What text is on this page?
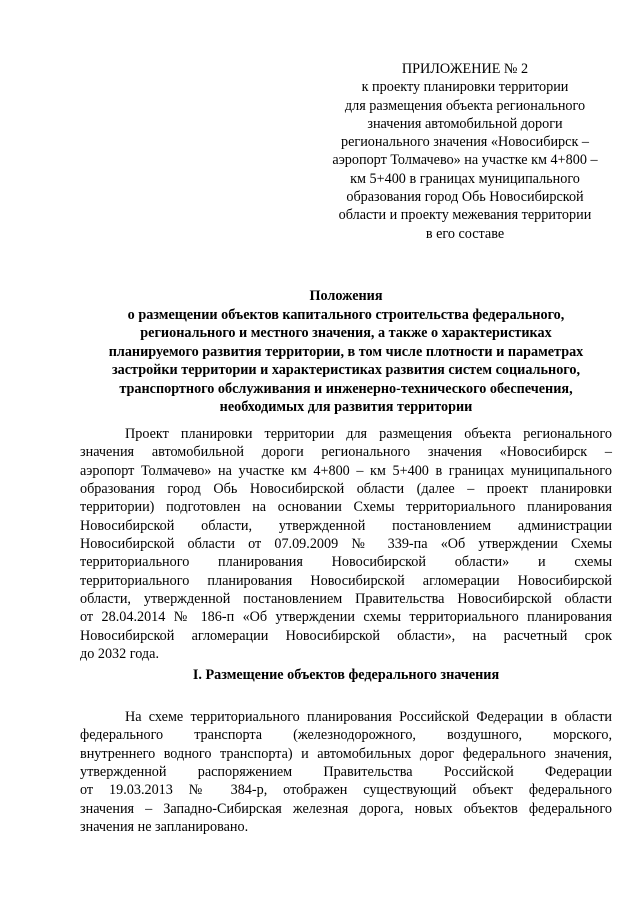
ПРИЛОЖЕНИЕ № 2
к проекту планировки территории
для размещения объекта регионального
значения автомобильной дороги
регионального значения «Новосибирск –
аэропорт Толмачево» на участке км 4+800 –
км 5+400 в границах муниципального
образования город Обь Новосибирской
области и проекту межевания территории
в его составе
Положения
о размещении объектов капитального строительства федерального,
регионального и местного значения, а также о характеристиках
планируемого развития территории, в том числе плотности и параметрах
застройки территории и характеристиках развития систем социального,
транспортного обслуживания и инженерно-технического обеспечения,
необходимых для развития территории
Проект планировки территории для размещения объекта регионального
значения автомобильной дороги регионального значения «Новосибирск –
аэропорт Толмачево» на участке км 4+800 – км 5+400 в границах муниципального
образования город Обь Новосибирской области (далее – проект планировки
территории) подготовлен на основании Схемы территориального планирования
Новосибирской области, утвержденной постановлением администрации
Новосибирской области от 07.09.2009 № 339-па «Об утверждении Схемы
территориального планирования Новосибирской области» и схемы
территориального планирования Новосибирской агломерации Новосибирской
области, утвержденной постановлением Правительства Новосибирской области
от 28.04.2014 № 186-п «Об утверждении схемы территориального планирования
Новосибирской агломерации Новосибирской области», на расчетный срок
до 2032 года.
I. Размещение объектов федерального значения
На схеме территориального планирования Российской Федерации в области
федерального транспорта (железнодорожного, воздушного, морского,
внутреннего водного транспорта) и автомобильных дорог федерального значения,
утвержденной распоряжением Правительства Российской Федерации
от 19.03.2013 № 384-р, отображен существующий объект федерального
значения – Западно-Сибирская железная дорога, новых объектов федерального
значения не запланировано.
